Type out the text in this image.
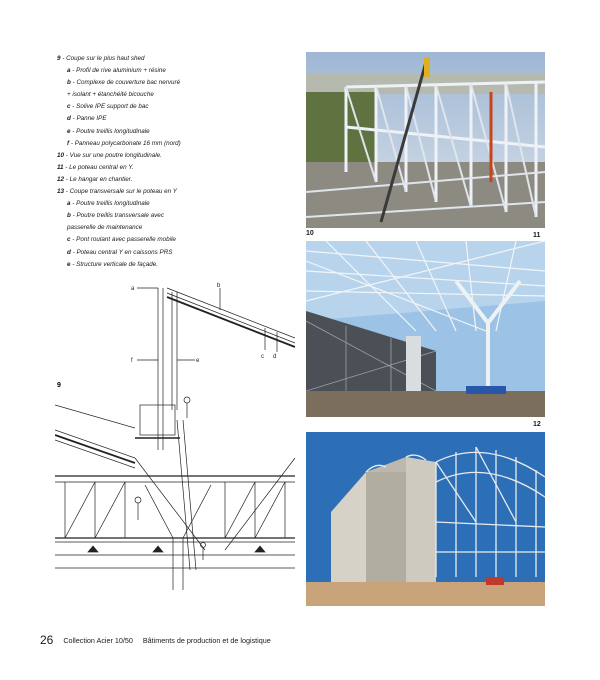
9 - Coupe sur le plus haut shed
a - Profil de rive aluminium + résine
b - Complexe de couverture bac nervuré
+ isolant + étanchéité bicouche
c - Solive IPE support de bac
d - Panne IPE
e - Poutre treillis longitudinale
f - Panneau polycarbonate 16 mm (nord)
10 - Vue sur une poutre longitudinale.
11 - Le poteau central en Y.
12 - Le hangar en chantier.
13 - Coupe transversale sur le poteau en Y
a - Poutre treillis longitudinale
b - Poutre treillis transversale avec
passerelle de maintenance
c - Pont roulant avec passerelle mobile
d - Poteau central Y en caissons PRS
e - Structure verticale de façade.
10	11
12
9
a	b
c d
f	e
26 Collection Acier 10/50 Bâtiments de production et de logistique
